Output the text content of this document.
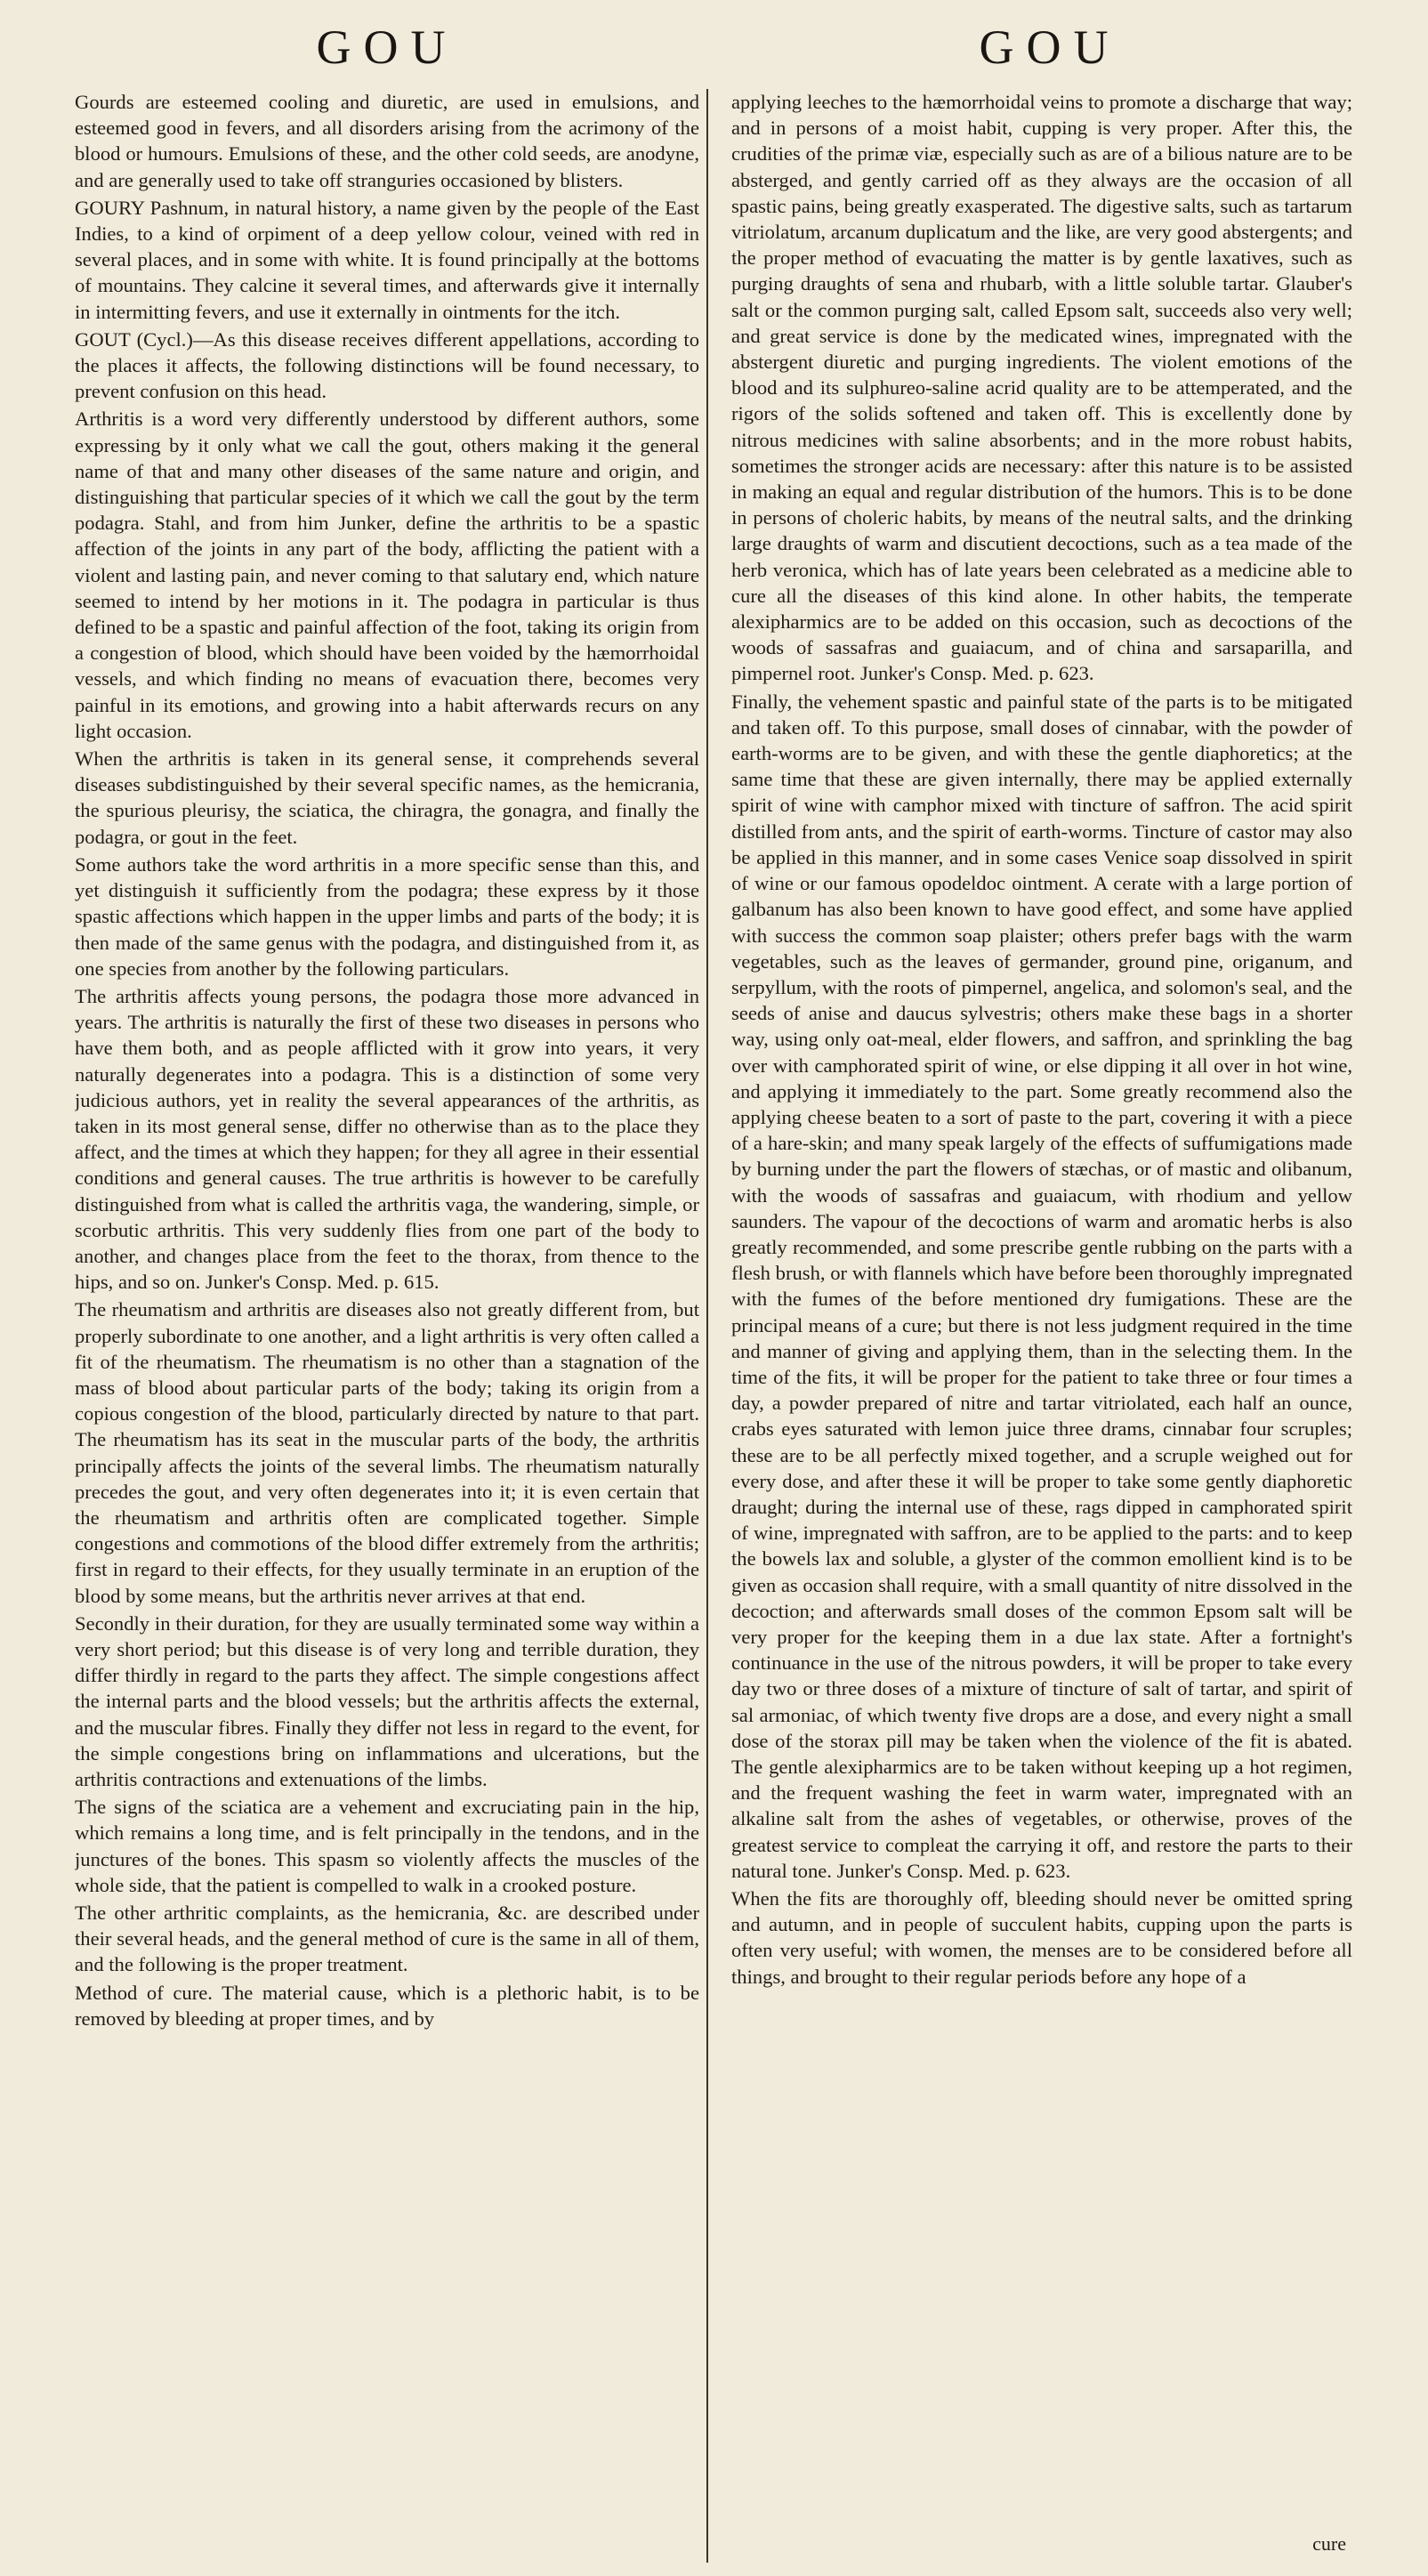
GOU	GOU

Gourds are esteemed cooling and diuretic, are used in emulsions, and esteemed good in fevers, and all disorders arising from the acrimony of the blood or humours. Emulsions of these, and the other cold seeds, are anodyne, and are generally used to take off stranguries occasioned by blisters.

GOURY Pashnum, in natural history, a name given by the people of the East Indies, to a kind of orpiment of a deep yellow colour, veined with red in several places, and in some with white. It is found principally at the bottoms of mountains. They calcine it several times, and afterwards give it internally in intermitting fevers, and use it externally in ointments for the itch.

GOUT (Cycl.)—As this disease receives different appellations, according to the places it affects, the following distinctions will be found necessary, to prevent confusion on this head.

Arthritis is a word very differently understood by different authors, some expressing by it only what we call the gout, others making it the general name of that and many other diseases of the same nature and origin, and distinguishing that particular species of it which we call the gout by the term podagra. Stahl, and from him Junker, define the arthritis to be a spastic affection of the joints in any part of the body, afflicting the patient with a violent and lasting pain, and never coming to that salutary end, which nature seemed to intend by her motions in it. The podagra in particular is thus defined to be a spastic and painful affection of the foot, taking its origin from a congestion of blood, which should have been voided by the hæmorrhoidal vessels, and which finding no means of evacuation there, becomes very painful in its emotions, and growing into a habit afterwards recurs on any light occasion.

When the arthritis is taken in its general sense, it comprehends several diseases subdistinguished by their several specific names, as the hemicrania, the spurious pleurisy, the sciatica, the chiragra, the gonagra, and finally the podagra, or gout in the feet.

Some authors take the word arthritis in a more specific sense than this, and yet distinguish it sufficiently from the podagra; these express by it those spastic affections which happen in the upper limbs and parts of the body; it is then made of the same genus with the podagra, and distinguished from it, as one species from another by the following particulars.

The arthritis affects young persons, the podagra those more advanced in years. The arthritis is naturally the first of these two diseases in persons who have them both, and as people afflicted with it grow into years, it very naturally degenerates into a podagra. This is a distinction of some very judicious authors, yet in reality the several appearances of the arthritis, as taken in its most general sense, differ no otherwise than as to the place they affect, and the times at which they happen; for they all agree in their essential conditions and general causes. The true arthritis is however to be carefully distinguished from what is called the arthritis vaga, the wandering, simple, or scorbutic arthritis. This very suddenly flies from one part of the body to another, and changes place from the feet to the thorax, from thence to the hips, and so on. Junker's Consp. Med. p. 615.

The rheumatism and arthritis are diseases also not greatly different from, but properly subordinate to one another, and a light arthritis is very often called a fit of the rheumatism. The rheumatism is no other than a stagnation of the mass of blood about particular parts of the body; taking its origin from a copious congestion of the blood, particularly directed by nature to that part. The rheumatism has its seat in the muscular parts of the body, the arthritis principally affects the joints of the several limbs. The rheumatism naturally precedes the gout, and very often degenerates into it; it is even certain that the rheumatism and arthritis often are complicated together. Simple congestions and commotions of the blood differ extremely from the arthritis; first in regard to their effects, for they usually terminate in an eruption of the blood by some means, but the arthritis never arrives at that end.

Secondly in their duration, for they are usually terminated some way within a very short period; but this disease is of very long and terrible duration, they differ thirdly in regard to the parts they affect. The simple congestions affect the internal parts and the blood vessels; but the arthritis affects the external, and the muscular fibres. Finally they differ not less in regard to the event, for the simple congestions bring on inflammations and ulcerations, but the arthritis contractions and extenuations of the limbs.

The signs of the sciatica are a vehement and excruciating pain in the hip, which remains a long time, and is felt principally in the tendons, and in the junctures of the bones. This spasm so violently affects the muscles of the whole side, that the patient is compelled to walk in a crooked posture.

The other arthritic complaints, as the hemicrania, &c. are described under their several heads, and the general method of cure is the same in all of them, and the following is the proper treatment.

Method of cure. The material cause, which is a plethoric habit, is to be removed by bleeding at proper times, and by

applying leeches to the hæmorrhoidal veins to promote a discharge that way; and in persons of a moist habit, cupping is very proper. After this, the crudities of the primæ viæ, especially such as are of a bilious nature are to be absterged, and gently carried off as they always are the occasion of all spastic pains, being greatly exasperated. The digestive salts, such as tartarum vitriolatum, arcanum duplicatum and the like, are very good abstergents; and the proper method of evacuating the matter is by gentle laxatives, such as purging draughts of sena and rhubarb, with a little soluble tartar. Glauber's salt or the common purging salt, called Epsom salt, succeeds also very well; and great service is done by the medicated wines, impregnated with the abstergent diuretic and purging ingredients. The violent emotions of the blood and its sulphureo-saline acrid quality are to be attemperated, and the rigors of the solids softened and taken off. This is excellently done by nitrous medicines with saline absorbents; and in the more robust habits, sometimes the stronger acids are necessary: after this nature is to be assisted in making an equal and regular distribution of the humors. This is to be done in persons of choleric habits, by means of the neutral salts, and the drinking large draughts of warm and discutient decoctions, such as a tea made of the herb veronica, which has of late years been celebrated as a medicine able to cure all the diseases of this kind alone. In other habits, the temperate alexipharmics are to be added on this occasion, such as decoctions of the woods of sassafras and guaiacum, and of china and sarsaparilla, and pimpernel root. Junker's Consp. Med. p. 623.

Finally, the vehement spastic and painful state of the parts is to be mitigated and taken off. To this purpose, small doses of cinnabar, with the powder of earth-worms are to be given, and with these the gentle diaphoretics; at the same time that these are given internally, there may be applied externally spirit of wine with camphor mixed with tincture of saffron. The acid spirit distilled from ants, and the spirit of earth-worms. Tincture of castor may also be applied in this manner, and in some cases Venice soap dissolved in spirit of wine or our famous opodeldoc ointment. A cerate with a large portion of galbanum has also been known to have good effect, and some have applied with success the common soap plaister; others prefer bags with the warm vegetables, such as the leaves of germander, ground pine, origanum, and serpyllum, with the roots of pimpernel, angelica, and solomon's seal, and the seeds of anise and daucus sylvestris; others make these bags in a shorter way, using only oat-meal, elder flowers, and saffron, and sprinkling the bag over with camphorated spirit of wine, or else dipping it all over in hot wine, and applying it immediately to the part. Some greatly recommend also the applying cheese beaten to a sort of paste to the part, covering it with a piece of a hare-skin; and many speak largely of the effects of suffumigations made by burning under the part the flowers of stæchas, or of mastic and olibanum, with the woods of sassafras and guaiacum, with rhodium and yellow saunders. The vapour of the decoctions of warm and aromatic herbs is also greatly recommended, and some prescribe gentle rubbing on the parts with a flesh brush, or with flannels which have before been thoroughly impregnated with the fumes of the before mentioned dry fumigations. These are the principal means of a cure; but there is not less judgment required in the time and manner of giving and applying them, than in the selecting them. In the time of the fits, it will be proper for the patient to take three or four times a day, a powder prepared of nitre and tartar vitriolated, each half an ounce, crabs eyes saturated with lemon juice three drams, cinnabar four scruples; these are to be all perfectly mixed together, and a scruple weighed out for every dose, and after these it will be proper to take some gently diaphoretic draught; during the internal use of these, rags dipped in camphorated spirit of wine, impregnated with saffron, are to be applied to the parts: and to keep the bowels lax and soluble, a glyster of the common emollient kind is to be given as occasion shall require, with a small quantity of nitre dissolved in the decoction; and afterwards small doses of the common Epsom salt will be very proper for the keeping them in a due lax state. After a fortnight's continuance in the use of the nitrous powders, it will be proper to take every day two or three doses of a mixture of tincture of salt of tartar, and spirit of sal armoniac, of which twenty five drops are a dose, and every night a small dose of the storax pill may be taken when the violence of the fit is abated. The gentle alexipharmics are to be taken without keeping up a hot regimen, and the frequent washing the feet in warm water, impregnated with an alkaline salt from the ashes of vegetables, or otherwise, proves of the greatest service to compleat the carrying it off, and restore the parts to their natural tone. Junker's Consp. Med. p. 623.

When the fits are thoroughly off, bleeding should never be omitted spring and autumn, and in people of succulent habits, cupping upon the parts is often very useful; with women, the menses are to be considered before all things, and brought to their regular periods before any hope of a

cure
